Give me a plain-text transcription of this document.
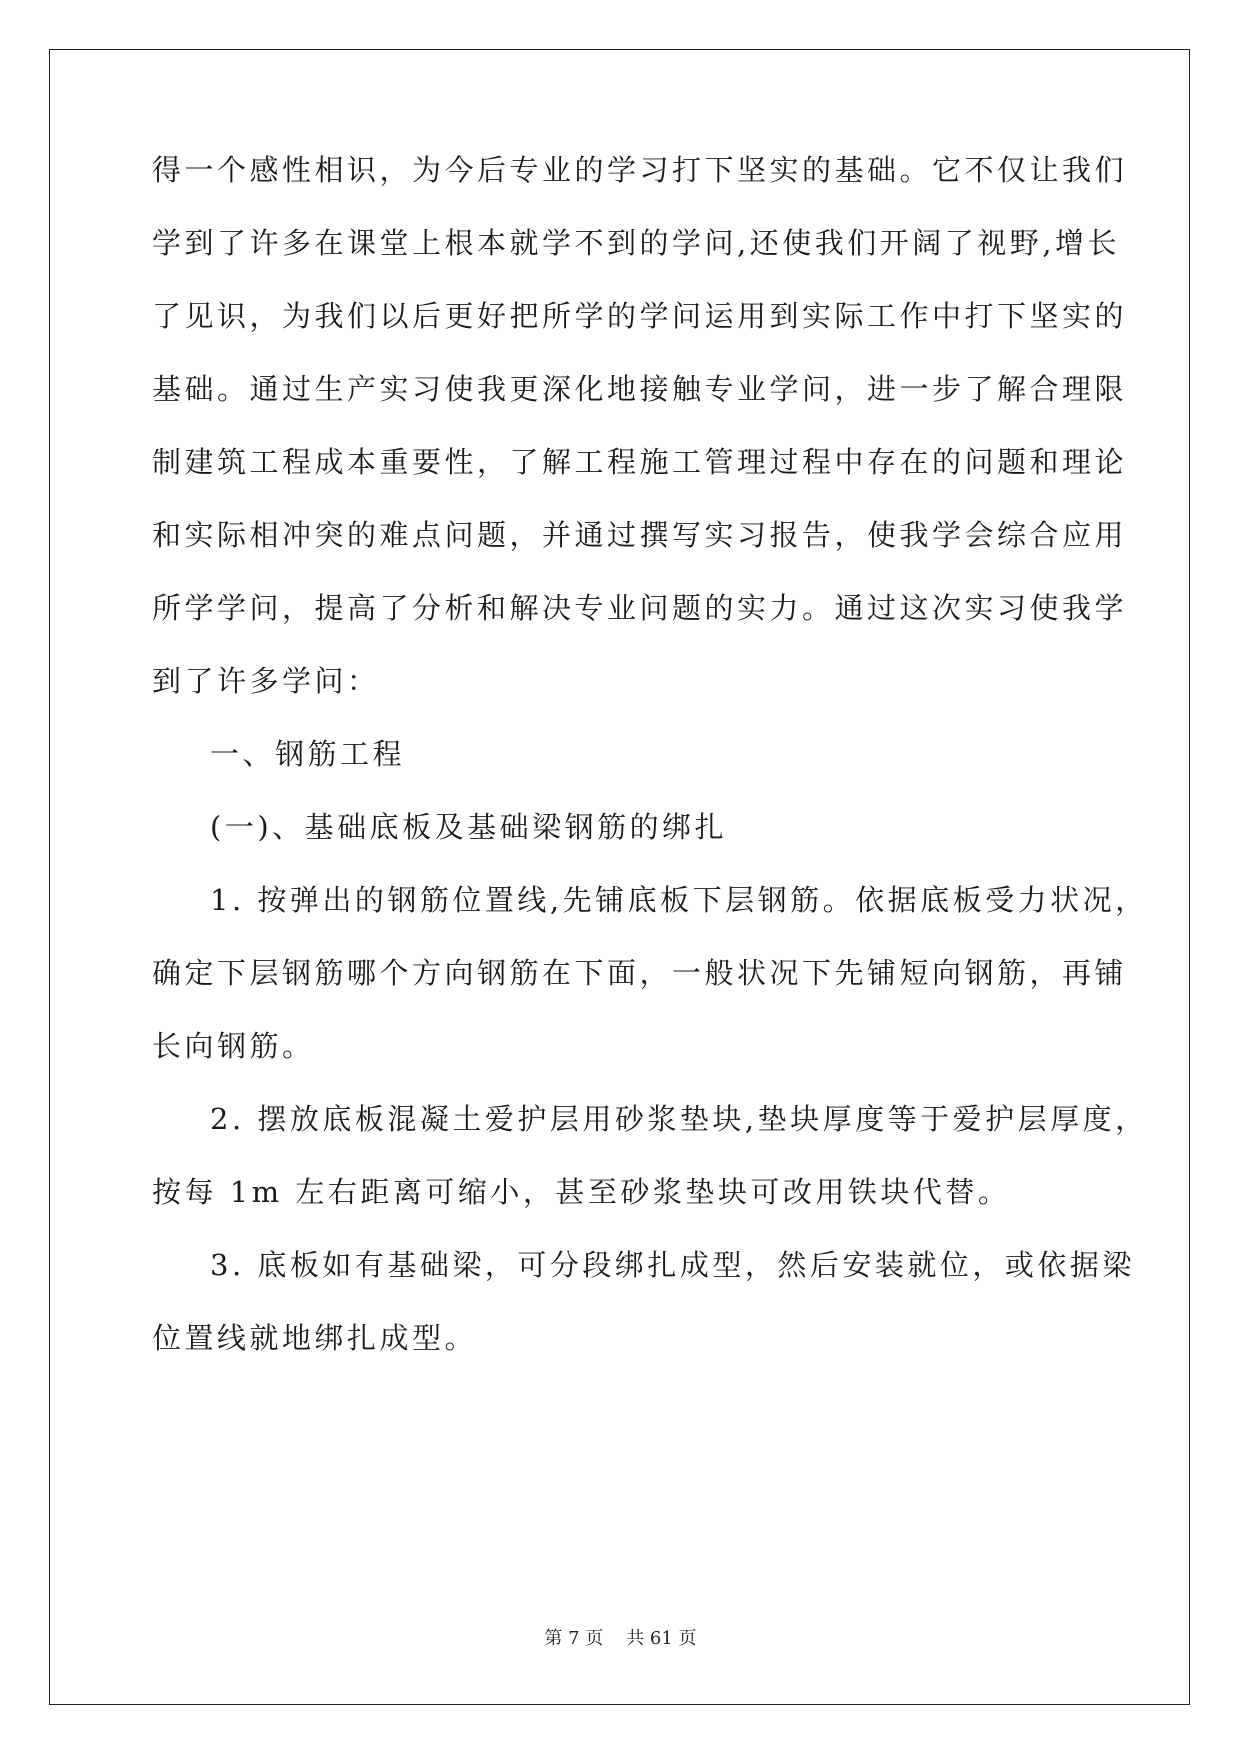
得一个感性相识，为今后专业的学习打下坚实的基础。它不仅让我们
学到了许多在课堂上根本就学不到的学问,还使我们开阔了视野,增长
了见识，为我们以后更好把所学的学问运用到实际工作中打下坚实的
基础。通过生产实习使我更深化地接触专业学问，进一步了解合理限
制建筑工程成本重要性，了解工程施工管理过程中存在的问题和理论
和实际相冲突的难点问题，并通过撰写实习报告，使我学会综合应用
所学学问，提高了分析和解决专业问题的实力。通过这次实习使我学
到了许多学问：
一、钢筋工程
(一)、基础底板及基础梁钢筋的绑扎
1. 按弹出的钢筋位置线,先铺底板下层钢筋。依据底板受力状况，
确定下层钢筋哪个方向钢筋在下面，一般状况下先铺短向钢筋，再铺
长向钢筋。
2. 摆放底板混凝土爱护层用砂浆垫块,垫块厚度等于爱护层厚度，
按每 1m 左右距离可缩小，甚至砂浆垫块可改用铁块代替。
3. 底板如有基础梁，可分段绑扎成型，然后安装就位，或依据梁
位置线就地绑扎成型。
第 7 页    共 61 页
